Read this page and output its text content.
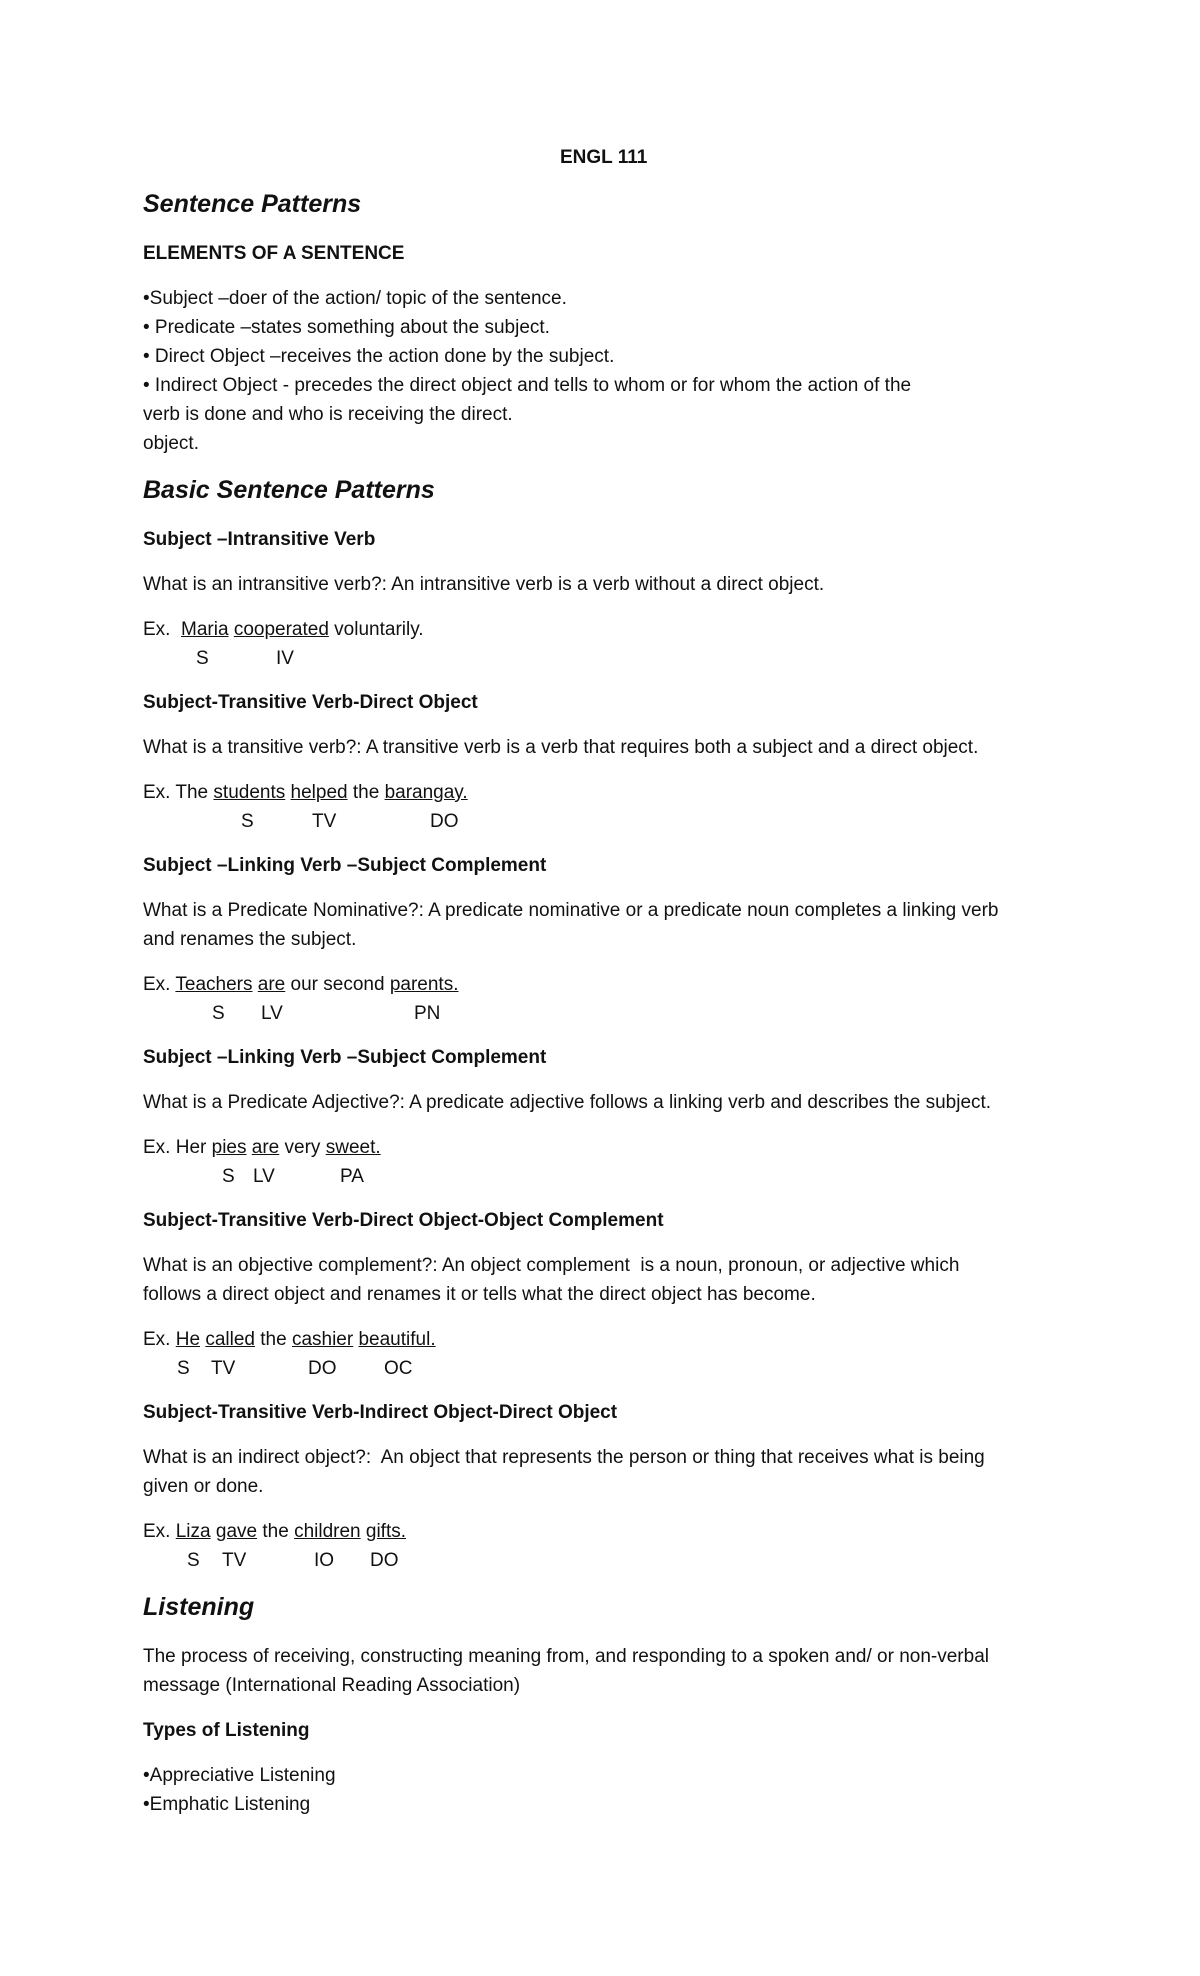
ENGL 111
Sentence Patterns
ELEMENTS OF A SENTENCE
•Subject –doer of the action/ topic of the sentence.
• Predicate –states something about the subject.
• Direct Object –receives the action done by the subject.
• Indirect Object - precedes the direct object and tells to whom or for whom the action of the
verb is done and who is receiving the direct.
object.
Basic Sentence Patterns
Subject –Intransitive Verb
What is an intransitive verb?: An intransitive verb is a verb without a direct object.
Ex. Maria cooperated voluntarily.
S	IV
Subject-Transitive Verb-Direct Object
What is a transitive verb?: A transitive verb is a verb that requires both a subject and a direct object.
Ex. The students helped the barangay.
S	TV	DO
Subject –Linking Verb –Subject Complement
What is a Predicate Nominative?: A predicate nominative or a predicate noun completes a linking verb
and renames the subject.
Ex. Teachers are our second parents.
S LV	PN
Subject –Linking Verb –Subject Complement
What is a Predicate Adjective?: A predicate adjective follows a linking verb and describes the subject.
Ex. Her pies are very sweet.
S LV	PA
Subject-Transitive Verb-Direct Object-Object Complement
What is an objective complement?: An object complement  is a noun, pronoun, or adjective which
follows a direct object and renames it or tells what the direct object has become.
Ex. He called the cashier beautiful.
S TV	DO	OC
Subject-Transitive Verb-Indirect Object-Direct Object
What is an indirect object?:  An object that represents the person or thing that receives what is being
given or done.
Ex. Liza gave the children gifts.
S TV	IO DO
Listening
The process of receiving, constructing meaning from, and responding to a spoken and/ or non-verbal
message (International Reading Association)
Types of Listening
•Appreciative Listening
•Emphatic Listening
